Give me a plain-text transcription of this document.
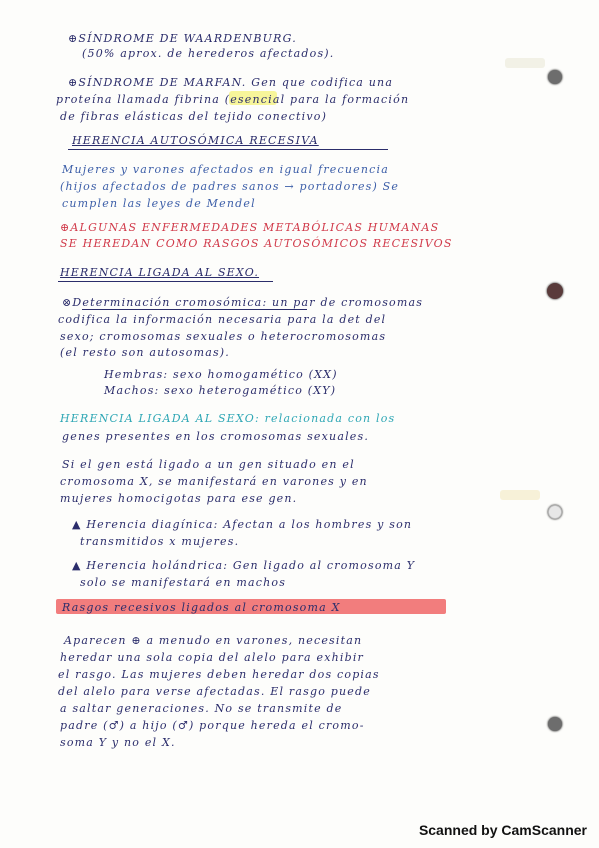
⊕SÍNDROME DE WAARDENBURG.
(50% aprox. de herederos afectados).
⊕SÍNDROME DE MARFAN. Gen que codifica una
proteína llamada fibrina (esencial para la formación
de fibras elásticas del tejido conectivo)
HERENCIA AUTOSÓMICA RECESIVA
Mujeres y varones afectados en igual frecuencia
(hijos afectados de padres sanos → portadores) Se
cumplen las leyes de Mendel
⊕ALGUNAS ENFERMEDADES METABÓLICAS HUMANAS
SE HEREDAN COMO RASGOS AUTOSÓMICOS RECESIVOS
HERENCIA LIGADA AL SEXO.
⊗Determinación cromosómica: un par de cromosomas
codifica la información necesaria para la det del
sexo; cromosomas sexuales o heterocromosomas
(el resto son autosomas).
Hembras: sexo homogamético (XX)
Machos: sexo heterogamético (XY)
HERENCIA LIGADA AL SEXO: relacionada con los
genes presentes en los cromosomas sexuales.
Si el gen está ligado a un gen situado en el
cromosoma X, se manifestará en varones y en
mujeres homocigotas para ese gen.
▲ Herencia diagínica: Afectan a los hombres y son
transmitidos x mujeres.
▲ Herencia holándrica: Gen ligado al cromosoma Y
solo se manifestará en machos
Rasgos recesivos ligados al cromosoma X
Aparecen ⊕ a menudo en varones, necesitan
heredar una sola copia del alelo para exhibir
el rasgo. Las mujeres deben heredar dos copias
del alelo para verse afectadas. El rasgo puede
a saltar generaciones. No se transmite de
padre (♂) a hijo (♂) porque hereda el cromo-
soma Y y no el X.
Scanned by CamScanner
